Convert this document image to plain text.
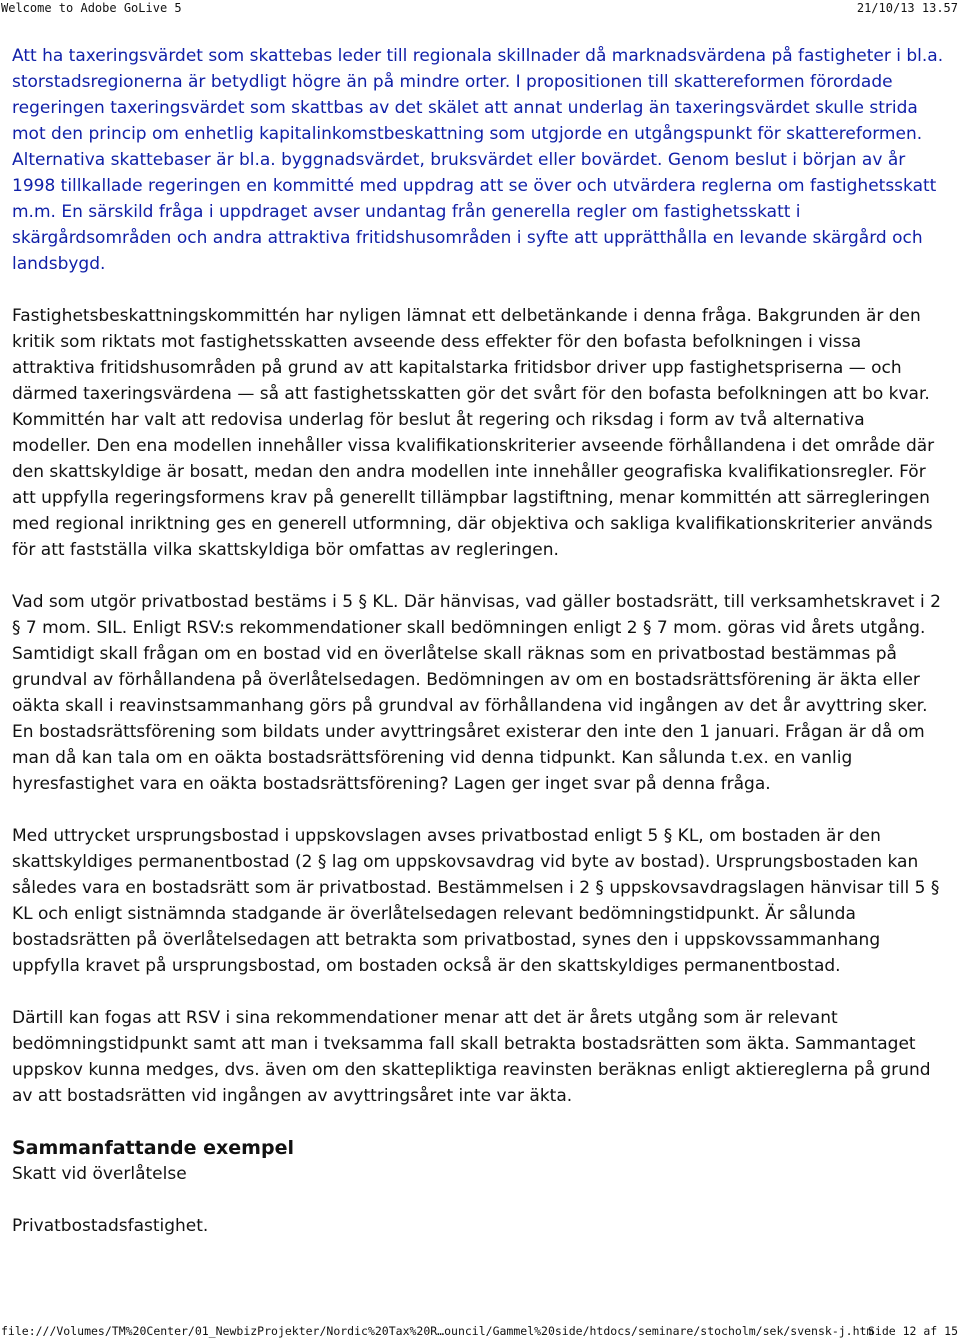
Welcome to Adobe GoLive 5	21/10/13 13.57

Att ha taxeringsvärdet som skattebas leder till regionala skillnader då marknadsvärdena på fastigheter i bl.a. storstadsregionerna är betydligt högre än på mindre orter. I propositionen till skattereformen förordade regeringen taxeringsvärdet som skattbas av det skälet att annat underlag än taxeringsvärdet skulle strida mot den princip om enhetlig kapitalinkomstbeskattning som utgjorde en utgångspunkt för skattereformen. Alternativa skattebaser är bl.a. byggnadsvärdet, bruksvärdet eller bovärdet. Genom beslut i början av år 1998 tillkallade regeringen en kommitté med uppdrag att se över och utvärdera reglerna om fastighetsskatt m.m. En särskild fråga i uppdraget avser undantag från generella regler om fastighetsskatt i skärgårdsområden och andra attraktiva fritidshusområden i syfte att upprätthålla en levande skärgård och landsbygd.

Fastighetsbeskattningskommittén har nyligen lämnat ett delbetänkande i denna fråga. Bakgrunden är den kritik som riktats mot fastighetsskatten avseende dess effekter för den bofasta befolkningen i vissa attraktiva fritidshusområden på grund av att kapitalstarka fritidsbor driver upp fastighetspriserna — och därmed taxeringsvärdena — så att fastighetsskatten gör det svårt för den bofasta befolkningen att bo kvar. Kommittén har valt att redovisa underlag för beslut åt regering och riksdag i form av två alternativa modeller. Den ena modellen innehåller vissa kvalifikationskriterier avseende förhållandena i det område där den skattskyldige är bosatt, medan den andra modellen inte innehåller geografiska kvalifikationsregler. För att uppfylla regeringsformens krav på generellt tillämpbar lagstiftning, menar kommittén att särregleringen med regional inriktning ges en generell utformning, där objektiva och sakliga kvalifikationskriterier används för att fastställa vilka skattskyldiga bör omfattas av regleringen.

Vad som utgör privatbostad bestäms i 5 § KL. Där hänvisas, vad gäller bostadsrätt, till verksamhetskravet i 2 § 7 mom. SIL. Enligt RSV:s rekommendationer skall bedömningen enligt 2 § 7 mom. göras vid årets utgång. Samtidigt skall frågan om en bostad vid en överlåtelse skall räknas som en privatbostad bestämmas på grundval av förhållandena på överlåtelsedagen. Bedömningen av om en bostadsrättsförening är äkta eller oäkta skall i reavinstsammanhang görs på grundval av förhållandena vid ingången av det år avyttring sker. En bostadsrättsförening som bildats under avyttringsåret existerar den inte den 1 januari. Frågan är då om man då kan tala om en oäkta bostadsrättsförening vid denna tidpunkt. Kan sålunda t.ex. en vanlig hyresfastighet vara en oäkta bostadsrättsförening? Lagen ger inget svar på denna fråga.

Med uttrycket ursprungsbostad i uppskovslagen avses privatbostad enligt 5 § KL, om bostaden är den skattskyldiges permanentbostad (2 § lag om uppskovsavdrag vid byte av bostad). Ursprungsbostaden kan således vara en bostadsrätt som är privatbostad. Bestämmelsen i 2 § uppskovsavdragslagen hänvisar till 5 § KL och enligt sistnämnda stadgande är överlåtelsedagen relevant bedömningstidpunkt. Är sålunda bostadsrätten på överlåtelsedagen att betrakta som privatbostad, synes den i uppskovssammanhang uppfylla kravet på ursprungsbostad, om bostaden också är den skattskyldiges permanentbostad.

Därtill kan fogas att RSV i sina rekommendationer menar att det är årets utgång som är relevant bedömningstidpunkt samt att man i tveksamma fall skall betrakta bostadsrätten som äkta. Sammantaget uppskov kunna medges, dvs. även om den skattepliktiga reavinsten beräknas enligt aktiereglerna på grund av att bostadsrätten vid ingången av avyttringsåret inte var äkta.

Sammanfattande exempel

Skatt vid överlåtelse

Privatbostadsfastighet.

file:///Volumes/TM%20Center/01_NewbizProjekter/Nordic%20Tax%20R…ouncil/Gammel%20side/htdocs/seminare/stocholm/sek/svensk-j.htm
Side 12 af 15
